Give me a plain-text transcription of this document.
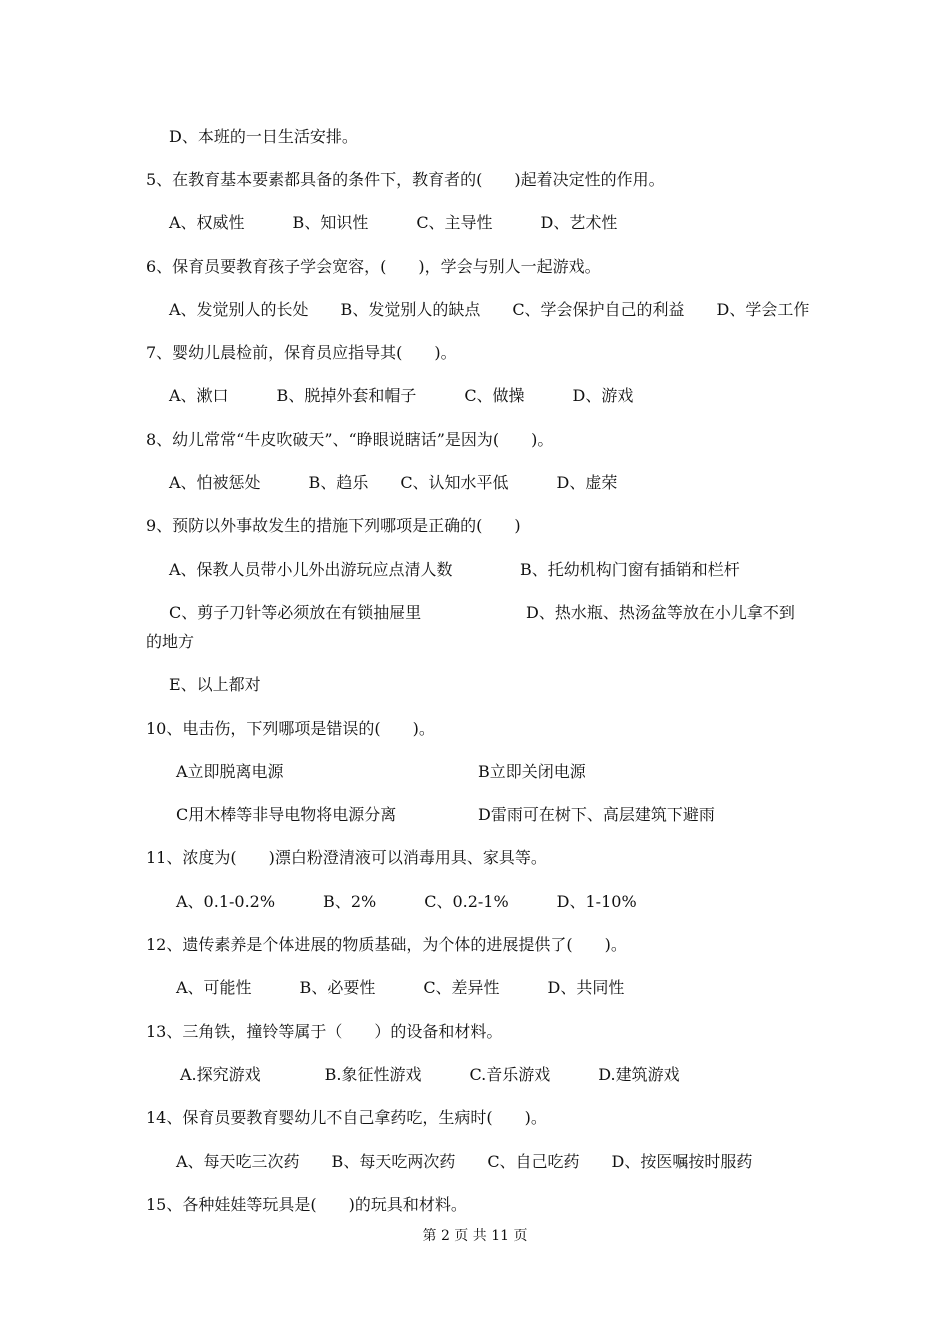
D、本班的一日生活安排。
5、在教育基本要素都具备的条件下，教育者的(　　)起着决定性的作用。
A、权威性　　　B、知识性　　　C、主导性　　　D、艺术性
6、保育员要教育孩子学会宽容，(　　)，学会与别人一起游戏。
A、发觉别人的长处　　B、发觉别人的缺点　　C、学会保护自己的利益　　D、学会工作
7、婴幼儿晨检前，保育员应指导其(　　)。
A、漱口　　　B、脱掉外套和帽子　　　C、做操　　　D、游戏
8、幼儿常常“牛皮吹破天”、“睁眼说瞎话”是因为(　　)。
A、怕被惩处　　　B、趋乐　　C、认知水平低　　　D、虚荣
9、预防以外事故发生的措施下列哪项是正确的(　　)
A、保教人员带小儿外出游玩应点清人数	B、托幼机构门窗有插销和栏杆
C、剪子刀针等必须放在有锁抽屉里	D、热水瓶、热汤盆等放在小儿拿不到
的地方
E、以上都对
10、电击伤，下列哪项是错误的(　　)。
A立即脱离电源	B立即关闭电源
C用木棒等非导电物将电源分离	D雷雨可在树下、高层建筑下避雨
11、浓度为(　　)漂白粉澄清液可以消毒用具、家具等。
A、0.1-0.2%　　　B、2%　　　C、0.2-1%　　　D、1-10%
12、遗传素养是个体进展的物质基础，为个体的进展提供了(　　)。
A、可能性　　　B、必要性　　　C、差异性　　　D、共同性
13、三角铁，撞铃等属于（　　）的设备和材料。
A.探究游戏　　　　B.象征性游戏　　　C.音乐游戏　　　D.建筑游戏
14、保育员要教育婴幼儿不自己拿药吃，生病时(　　)。
A、每天吃三次药　　B、每天吃两次药　　C、自己吃药　　D、按医嘱按时服药
15、各种娃娃等玩具是(　　)的玩具和材料。
第 2 页 共 11 页
